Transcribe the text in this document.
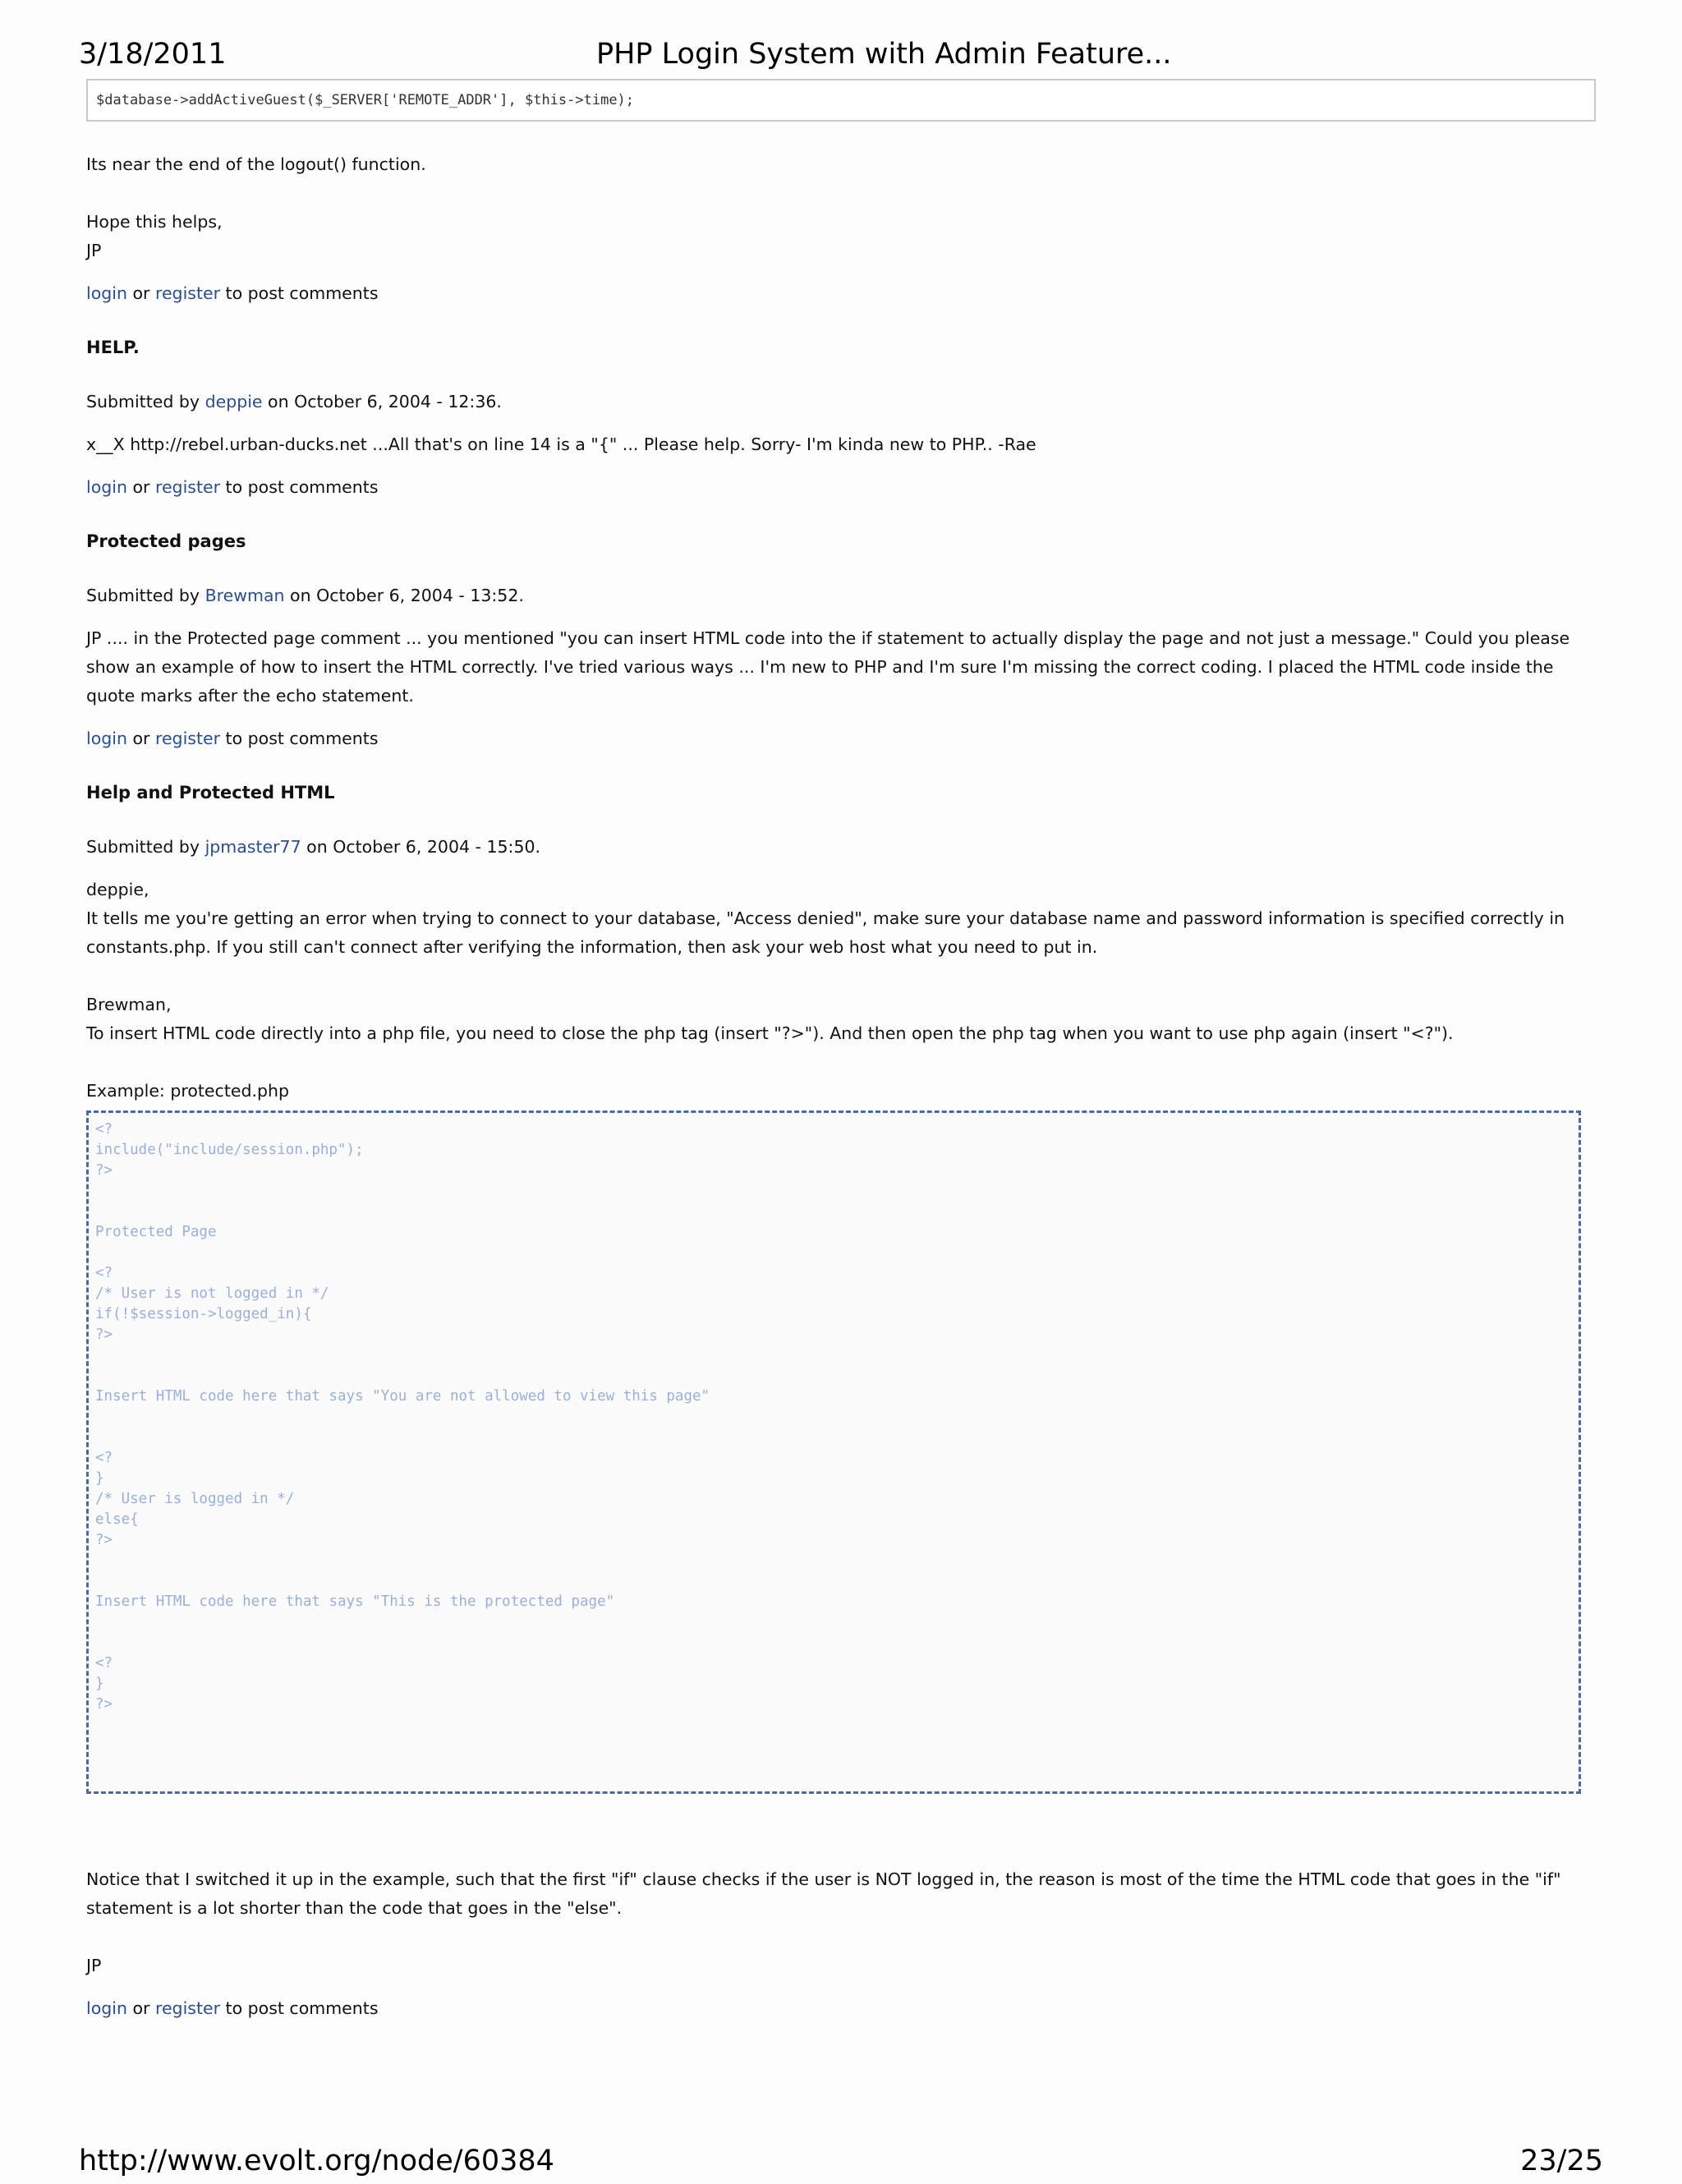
3/18/2011	PHP Login System with Admin Feature...
$database->addActiveGuest($_SERVER['REMOTE_ADDR'], $this->time);

Its near the end of the logout() function.

Hope this helps,

JP

login or register to post comments

HELP.

Submitted by deppie on October 6, 2004 - 12:36.

x__X http://rebel.urban-ducks.net ...All that's on line 14 is a "{" ... Please help. Sorry- I'm kinda new to PHP.. -Rae

login or register to post comments

Protected pages

Submitted by Brewman on October 6, 2004 - 13:52.

JP .... in the Protected page comment ... you mentioned "you can insert HTML code into the if statement to actually display the page and not just a message." Could you please show an example of how to insert the HTML correctly. I've tried various ways ... I'm new to PHP and I'm sure I'm missing the correct coding. I placed the HTML code inside the quote marks after the echo statement.

login or register to post comments

Help and Protected HTML

Submitted by jpmaster77 on October 6, 2004 - 15:50.

deppie,

It tells me you're getting an error when trying to connect to your database, "Access denied", make sure your database name and password information is specified correctly in constants.php. If you still can't connect after verifying the information, then ask your web host what you need to put in.

Brewman,

To insert HTML code directly into a php file, you need to close the php tag (insert "?>"). And then open the php tag when you want to use php again (insert "<?").

Example: protected.php

<?
include("include/session.php");
?>

Protected Page

<?
/* User is not logged in */
if(!$session->logged_in){
?>

Insert HTML code here that says "You are not allowed to view this page"

<?
}
/* User is logged in */
else{
?>

Insert HTML code here that says "This is the protected page"

<?
}
?>

Notice that I switched it up in the example, such that the first "if" clause checks if the user is NOT logged in, the reason is most of the time the HTML code that goes in the "if" statement is a lot shorter than the code that goes in the "else".

JP

login or register to post comments

http://www.evolt.org/node/60384	23/25
